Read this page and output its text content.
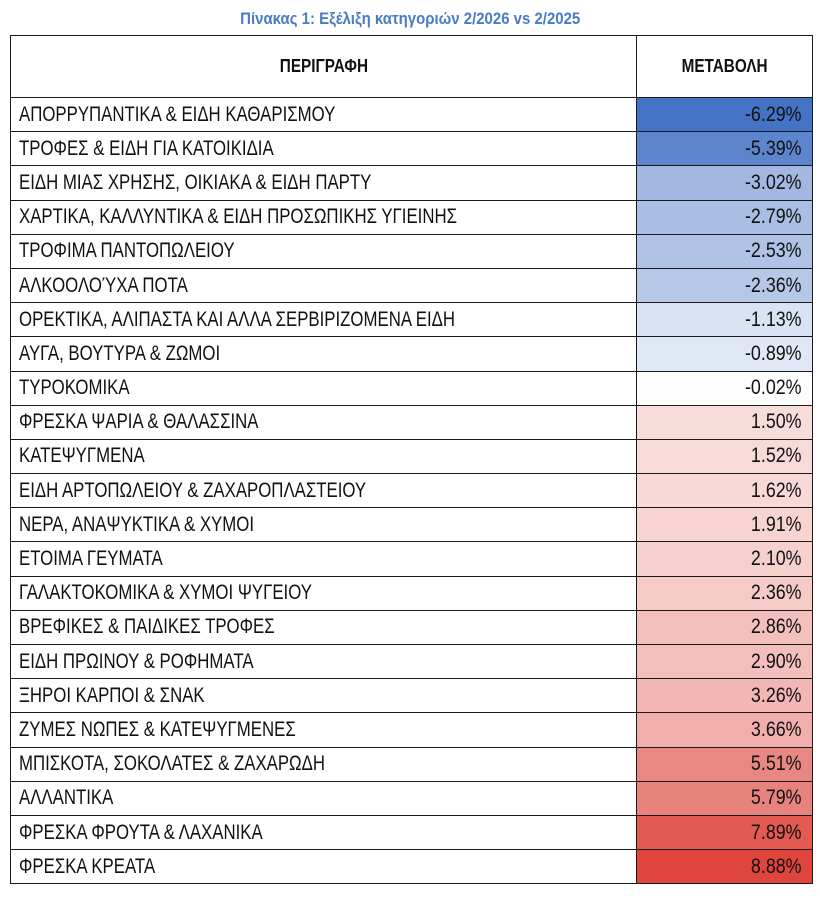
Πίνακας 1: Εξέλιξη κατηγοριών 2/2026 vs 2/2025
ΠΕΡΙΓΡΑΦΗ	ΜΕΤΑΒΟΛΗ
ΑΠΟΡΡΥΠΑΝΤΙΚΑ & ΕΙΔΗ ΚΑΘΑΡΙΣΜΟΥ	-6.29%
ΤΡΟΦΕΣ & ΕΙΔΗ ΓΙΑ ΚΑΤΟΙΚΙΔΙΑ	-5.39%
ΕΙΔΗ ΜΙΑΣ ΧΡΗΣΗΣ, ΟΙΚΙΑΚΑ & ΕΙΔΗ ΠΑΡΤΥ	-3.02%
ΧΑΡΤΙΚΑ, ΚΑΛΛΥΝΤΙΚΑ & ΕΙΔΗ ΠΡΟΣΩΠΙΚΗΣ ΥΓΙΕΙΝΗΣ	-2.79%
ΤΡΟΦΙΜΑ ΠΑΝΤΟΠΩΛΕΙΟΥ	-2.53%
ΑΛΚΟΟΛΟΎΧΑ ΠΟΤΑ	-2.36%
ΟΡΕΚΤΙΚΑ, ΑΛΙΠΑΣΤΑ ΚΑΙ ΑΛΛΑ ΣΕΡΒΙΡΙΖΟΜΕΝΑ ΕΙΔΗ	-1.13%
ΑΥΓΑ, ΒΟΥΤΥΡΑ & ΖΩΜΟΙ	-0.89%
ΤΥΡΟΚΟΜΙΚΑ	-0.02%
ΦΡΕΣΚΑ ΨΑΡΙΑ & ΘΑΛΑΣΣΙΝΑ	1.50%
ΚΑΤΕΨΥΓΜΕΝΑ	1.52%
ΕΙΔΗ ΑΡΤΟΠΩΛΕΙΟΥ & ΖΑΧΑΡΟΠΛΑΣΤΕΙΟΥ	1.62%
ΝΕΡΑ, ΑΝΑΨΥΚΤΙΚΑ & ΧΥΜΟΙ	1.91%
ΕΤΟΙΜΑ ΓΕΥΜΑΤΑ	2.10%
ΓΑΛΑΚΤΟΚΟΜΙΚΑ & ΧΥΜΟΙ ΨΥΓΕΙΟΥ	2.36%
ΒΡΕΦΙΚΕΣ & ΠΑΙΔΙΚΕΣ ΤΡΟΦΕΣ	2.86%
ΕΙΔΗ ΠΡΩΙΝΟΥ & ΡΟΦΗΜΑΤΑ	2.90%
ΞΗΡΟΙ ΚΑΡΠΟΙ & ΣΝΑΚ	3.26%
ΖΥΜΕΣ ΝΩΠΕΣ & ΚΑΤΕΨΥΓΜΕΝΕΣ	3.66%
ΜΠΙΣΚΟΤΑ, ΣΟΚΟΛΑΤΕΣ & ΖΑΧΑΡΩΔΗ	5.51%
ΑΛΛΑΝΤΙΚΑ	5.79%
ΦΡΕΣΚΑ ΦΡΟΥΤΑ & ΛΑΧΑΝΙΚΑ	7.89%
ΦΡΕΣΚΑ ΚΡΕΑΤΑ	8.88%
